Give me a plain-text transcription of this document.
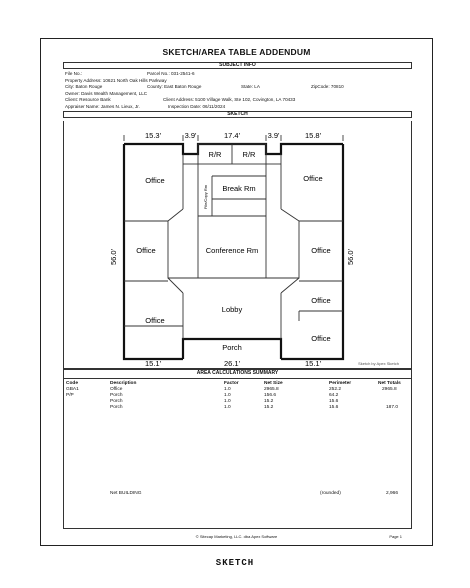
SKETCH/AREA TABLE ADDENDUM
SUBJECT INFO
File No.:	Parcel No.: 031-2541-6
Property Address: 10621 North Oak Hills Parkway
City: Baton Rouge	County: East Baton Rouge	State: LA	ZipCode: 70810
Owner: Davis Wealth Management, LLC
Client: Resource Bank	Client Address: 5100 Village Walk, Ste 102, Covington, LA 70433
Appraiser Name: James N. Lieux, Jr.	Inspection Date: 06/11/2024
SKETCH
15.3'	3.9'	17.4'	3.9'	15.8'
15.1'	26.1'	15.1'
56.0'	56.0'
R/R	R/R
Office	Office
Break Rm
Office	Conference Rm	Office
Lobby
Office
Office
Office
Porch
File/Copy Rm
Sketch by Apex Sketch
AREA CALCULATIONS SUMMARY
Code	Description	Factor	Net Size	Perimeter	Net Totals
GBA1	Office	1.0	2965.8	252.2	2965.8
P/P	Porch	1.0	156.6	64.2
Porch	1.0	15.2	15.6
Porch	1.0	15.2	15.6	187.0
Net BUILDING	(rounded)	2,966
© Sitecap Marketing, LLC. dba Apex Software	Page 1
SKETCH
